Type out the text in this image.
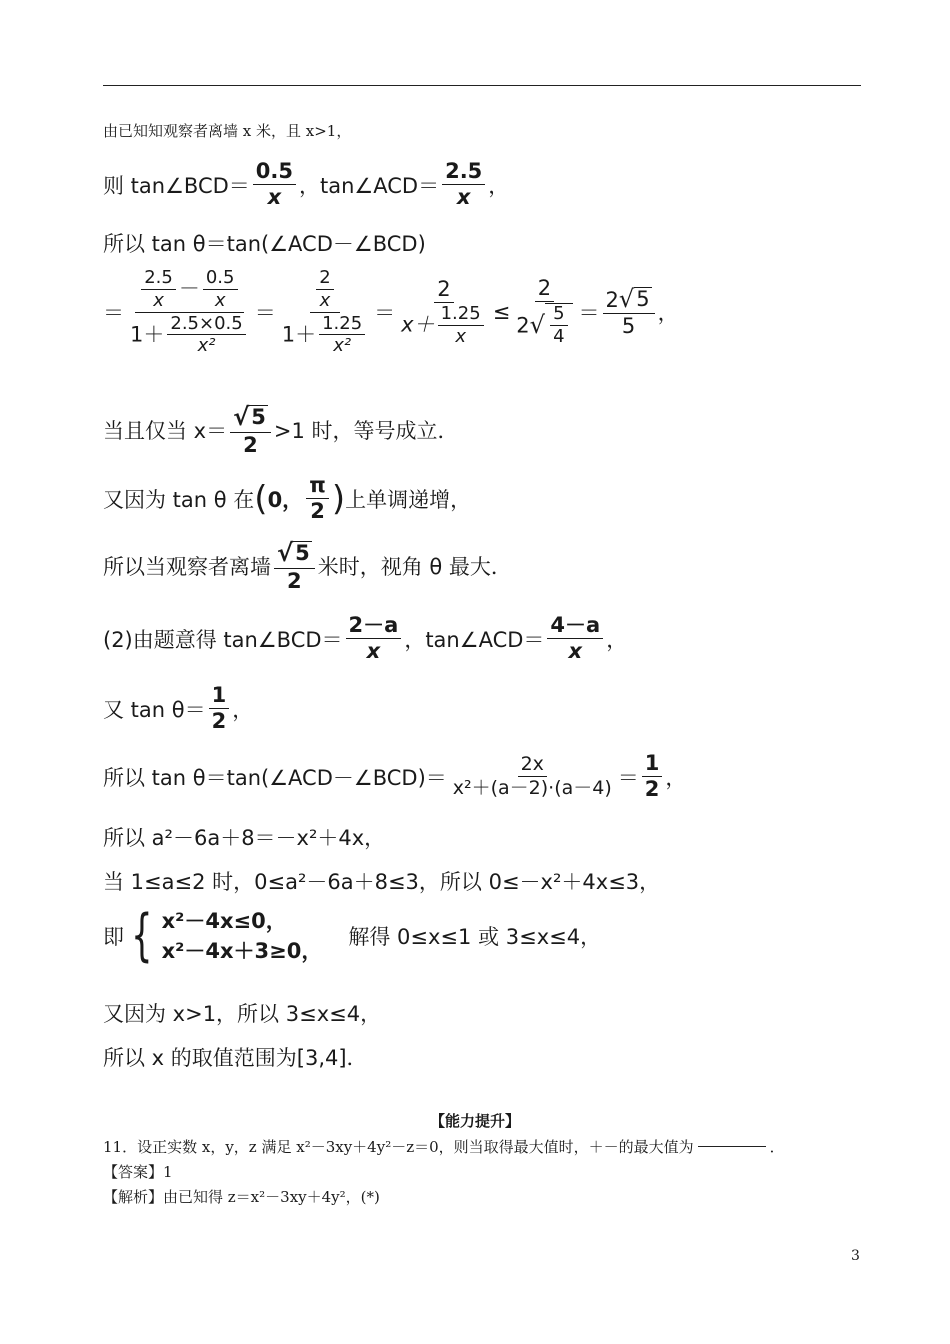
由已知知观察者离墙 x 米，且 x>1，
则 tan∠BCD＝ $\frac{0.5}{x}$ ，tan∠ACD＝ $\frac{2.5}{x}$ ，
所以 tan θ＝tan(∠ACD－∠BCD)
＝ $\frac{\frac{2.5}{x} - \frac{0.5}{x}}{1+ \frac{2.5\times 0.5}{\text{x²}}} = \frac{\frac{2}{x}}{1+ \frac{1.25}{\text{x²}}} = \frac{2}{x+ \frac{1.25}{x}} \le \frac{2}{2 √ \frac{5}{4}} = \frac{2 √ 5}{5}$ ，
当且仅当 $x= \frac{√ 5}{2} >1$ 时，等号成立．
又因为 tan θ 在 ( 0， $\frac{\pi}{2}$ ) 上单调递增，
所以当观察者离墙 $\frac{√ 5}{2}$ 米时，视角 θ 最大．
(2)由题意得 tan∠BCD＝ $\frac{2-a}{x}$ ，tan∠ACD＝ $\frac{4-a}{x}$ ，
又 $\tan \theta= \frac{1}{2}$ ，
所以 tan θ＝tan(∠ACD－∠BCD)＝ $\frac{2x}{\text{x²＋(a－2)·(a－4)}} = \frac{1}{2}$ ，
所以 a²－6a＋8＝－x²＋4x，
当 1≤a≤2 时，0≤a²－6a＋8≤3，所以 0≤－x²＋4x≤3，
即 { x²－4x≤0，
x²－4x＋3≥0，
解得 0≤x≤1 或 3≤x≤4，
又因为 x>1，所以 3≤x≤4，
所以 x 的取值范围为[3,4]．
【能力提升】
11．设正实数 x，y，z 满足 x²－3xy＋4y²－z＝0，则当取得最大值时，＋－的最大值为	．
【答案】1
【解析】由已知得 z＝x²－3xy＋4y²，(*)
3
